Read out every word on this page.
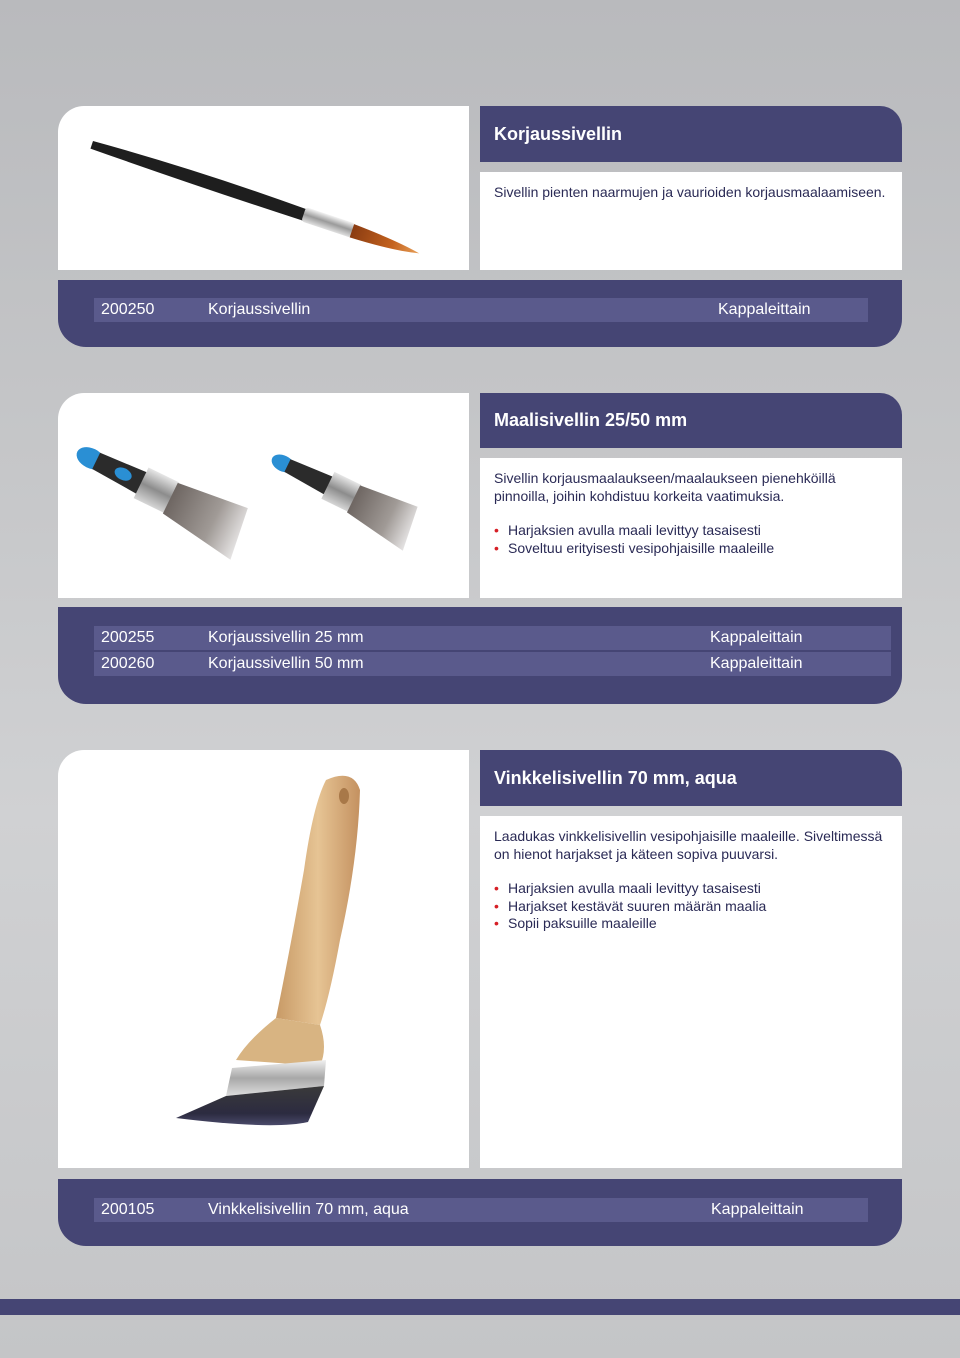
Korjaussivellin

Sivellin pienten naarmujen ja vaurioiden korjausmaalaamiseen.

200250	Korjaussivellin	Kappaleittain
Maalisivellin 25/50 mm

Sivellin korjausmaalaukseen/maalaukseen pienehköillä pinnoilla, joihin kohdistuu korkeita vaatimuksia.

• Harjaksien avulla maali levittyy tasaisesti
• Soveltuu erityisesti vesipohjaisille maaleille
200255	Korjaussivellin 25 mm	Kappaleittain
200260	Korjaussivellin 50 mm	Kappaleittain
Vinkkelisivellin 70 mm, aqua

Laadukas vinkkelisivellin vesipohjaisille maaleille. Siveltimessä on hienot harjakset ja käteen sopiva puuvarsi.

• Harjaksien avulla maali levittyy tasaisesti
• Harjakset kestävät suuren määrän maalia
• Sopii paksuille maaleille
200105	Vinkkelisivellin 70 mm, aqua	Kappaleittain
